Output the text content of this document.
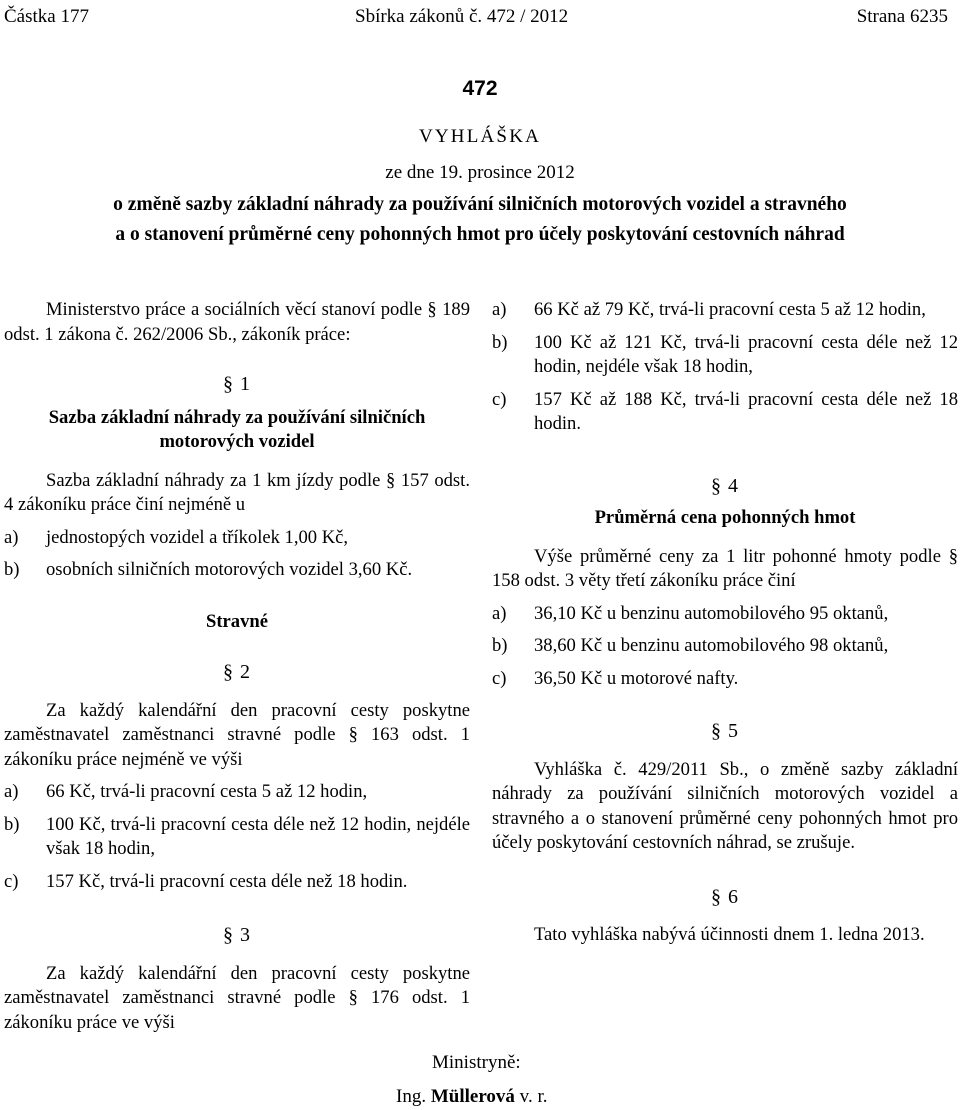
Částka 177	Sbírka zákonů č. 472 / 2012	Strana 6235
472
VYHLÁŠKA
ze dne 19. prosince 2012
o změně sazby základní náhrady za používání silničních motorových vozidel a stravného
a o stanovení průměrné ceny pohonných hmot pro účely poskytování cestovních náhrad

Ministerstvo práce a sociálních věcí stanoví podle § 189 odst. 1 zákona č. 262/2006 Sb., zákoník práce:

§ 1

Sazba základní náhrady za používání silničních motorových vozidel

Sazba základní náhrady za 1 km jízdy podle § 157 odst. 4 zákoníku práce činí nejméně u

a) jednostopých vozidel a tříkolek 1,00 Kč,
b) osobních silničních motorových vozidel 3,60 Kč.

Stravné

§ 2

Za každý kalendářní den pracovní cesty poskytne zaměstnavatel zaměstnanci stravné podle § 163 odst. 1 zákoníku práce nejméně ve výši

a) 66 Kč, trvá-li pracovní cesta 5 až 12 hodin,
b) 100 Kč, trvá-li pracovní cesta déle než 12 hodin, nejdéle však 18 hodin,
c) 157 Kč, trvá-li pracovní cesta déle než 18 hodin.

§ 3

Za každý kalendářní den pracovní cesty poskytne zaměstnavatel zaměstnanci stravné podle § 176 odst. 1 zákoníku práce ve výši

a) 66 Kč až 79 Kč, trvá-li pracovní cesta 5 až 12 hodin,
b) 100 Kč až 121 Kč, trvá-li pracovní cesta déle než 12 hodin, nejdéle však 18 hodin,
c) 157 Kč až 188 Kč, trvá-li pracovní cesta déle než 18 hodin.

§ 4

Průměrná cena pohonných hmot

Výše průměrné ceny za 1 litr pohonné hmoty podle § 158 odst. 3 věty třetí zákoníku práce činí

a) 36,10 Kč u benzinu automobilového 95 oktanů,
b) 38,60 Kč u benzinu automobilového 98 oktanů,
c) 36,50 Kč u motorové nafty.

§ 5

Vyhláška č. 429/2011 Sb., o změně sazby základní náhrady za používání silničních motorových vozidel a stravného a o stanovení průměrné ceny pohonných hmot pro účely poskytování cestovních náhrad, se zrušuje.

§ 6

Tato vyhláška nabývá účinnosti dnem 1. ledna 2013.

Ministryně:
Ing. Müllerová v. r.
